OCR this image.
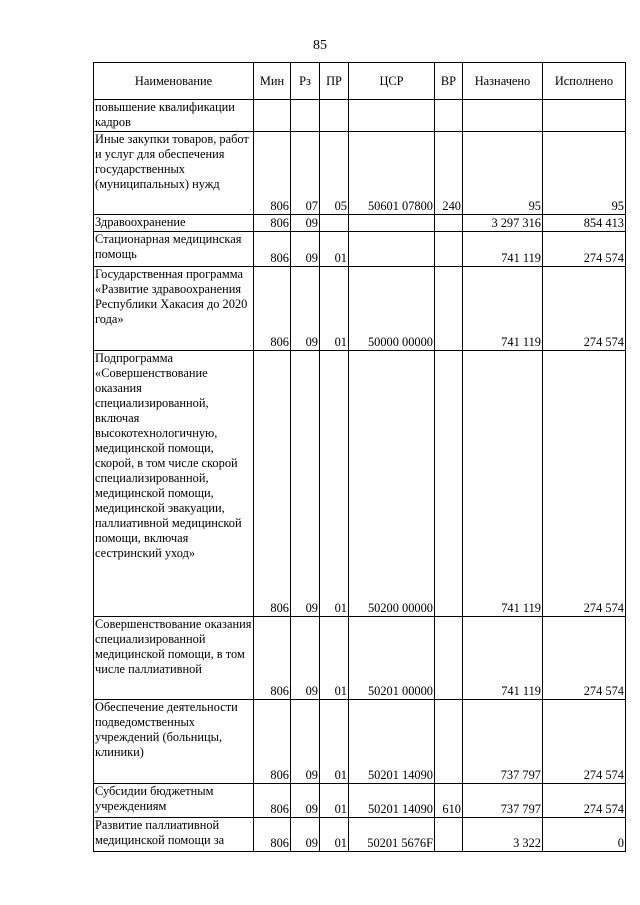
85
Наименование	Мин	Рз	ПР	ЦСР	ВР	Назначено	Исполнено
повышение квалификации кадров							
Иные закупки товаров, работ и услуг для обеспечения государственных (муниципальных) нужд	806	07	05	50601 07800	240	95	95
Здравоохранение	806	09				3 297 316	854 413
Стационарная медицинская помощь	806	09	01			741 119	274 574
Государственная программа «Развитие здравоохранения Республики Хакасия до 2020 года»	806	09	01	50000 00000		741 119	274 574
Подпрограмма «Совершенствование оказания специализированной, включая высокотехнологичную, медицинской помощи, скорой, в том числе скорой специализированной, медицинской помощи, медицинской эвакуации, паллиативной медицинской помощи, включая сестринский уход»	806	09	01	50200 00000		741 119	274 574
Совершенствование оказания специализированной медицинской помощи, в том числе паллиативной	806	09	01	50201 00000		741 119	274 574
Обеспечение деятельности подведомственных учреждений (больницы, клиники)	806	09	01	50201 14090		737 797	274 574
Субсидии бюджетным учреждениям	806	09	01	50201 14090	610	737 797	274 574
Развитие паллиативной медицинской помощи за	806	09	01	50201 5676F		3 322	0
